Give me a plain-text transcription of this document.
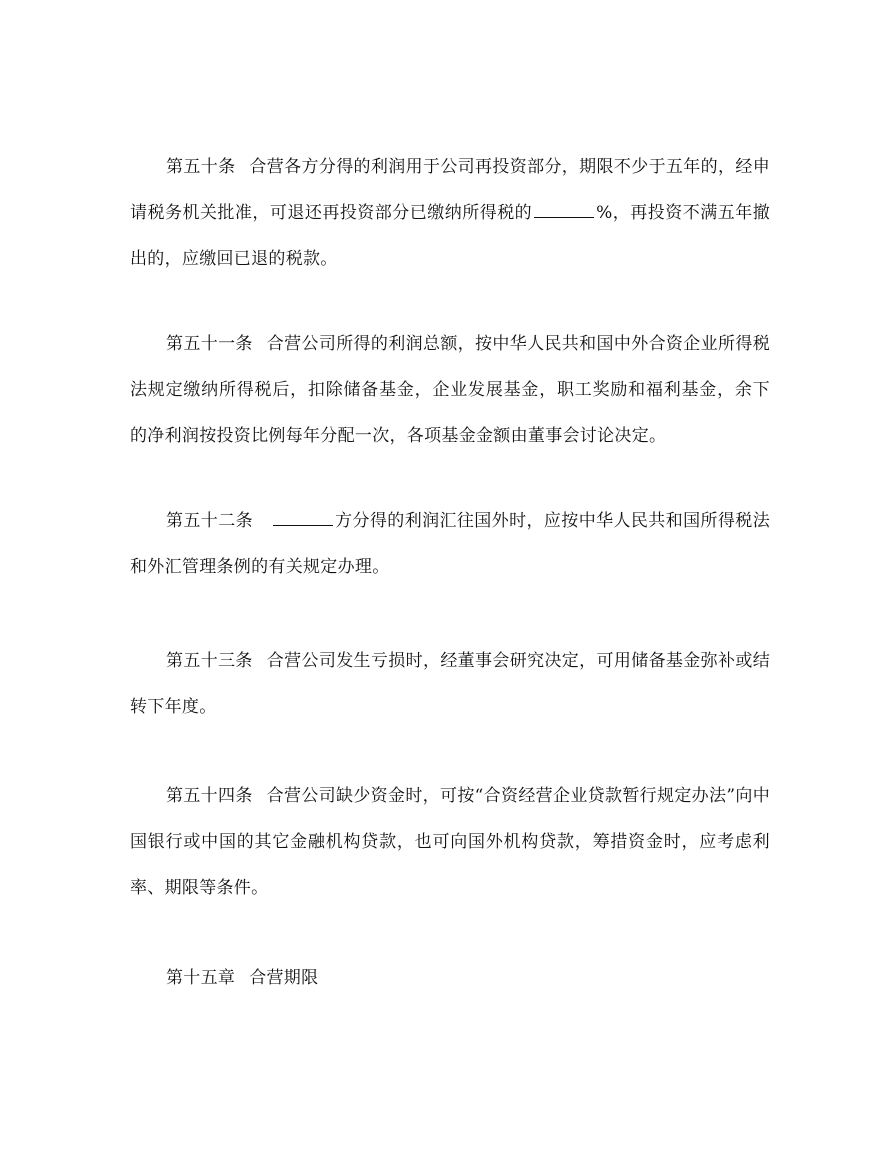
第五十条 合营各方分得的利润用于公司再投资部分，期限不少于五年的，经申请税务机关批准，可退还再投资部分已缴纳所得税的	%，再投资不满五年撤出的，应缴回已退的税款。

第五十一条 合营公司所得的利润总额，按中华人民共和国中外合资企业所得税法规定缴纳所得税后，扣除储备基金，企业发展基金，职工奖励和福利基金，余下的净利润按投资比例每年分配一次，各项基金金额由董事会讨论决定。

第五十二条	方分得的利润汇往国外时，应按中华人民共和国所得税法和外汇管理条例的有关规定办理。

第五十三条 合营公司发生亏损时，经董事会研究决定，可用储备基金弥补或结转下年度。

第五十四条 合营公司缺少资金时，可按“合资经营企业贷款暂行规定办法”向中国银行或中国的其它金融机构贷款，也可向国外机构贷款，筹措资金时，应考虑利率、期限等条件。

第十五章 合营期限
